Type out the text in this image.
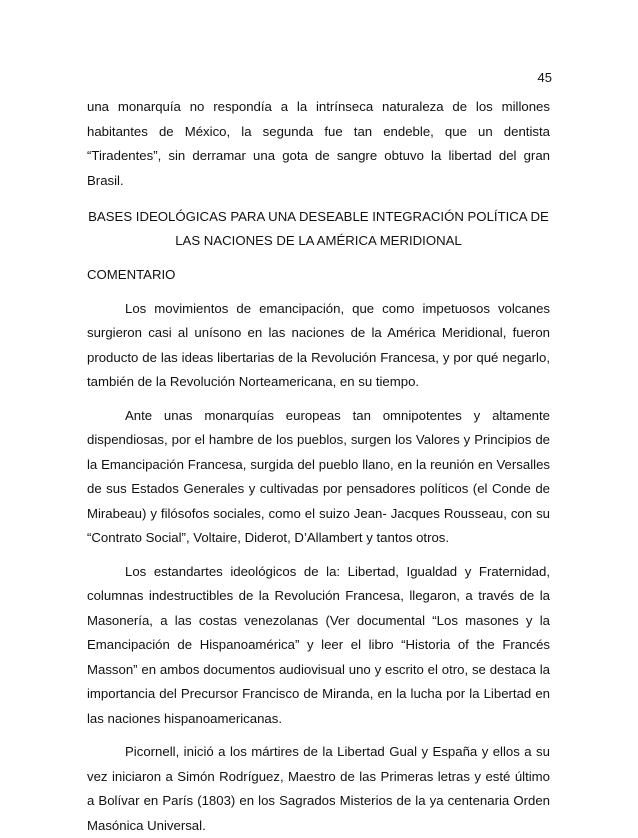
45

una monarquía no respondía a la intrínseca naturaleza de los millones habitantes de México, la segunda fue tan endeble, que un dentista “Tiradentes”, sin derramar una gota de sangre obtuvo la libertad del gran Brasil.

BASES IDEOLÓGICAS PARA UNA DESEABLE INTEGRACIÓN POLÍTICA DE
LAS NACIONES DE LA AMÉRICA MERIDIONAL

COMENTARIO

Los movimientos de emancipación, que como impetuosos volcanes surgieron casi al unísono en las naciones de la América Meridional, fueron producto de las ideas libertarias de la Revolución Francesa, y por qué negarlo, también de la Revolución Norteamericana, en su tiempo.

Ante unas monarquías europeas tan omnipotentes y altamente dispendiosas, por el hambre de los pueblos, surgen los Valores y Principios de la Emancipación Francesa, surgida del pueblo llano, en la reunión en Versalles de sus Estados Generales y cultivadas por pensadores políticos (el Conde de Mirabeau) y filósofos sociales, como el suizo Jean- Jacques Rousseau, con su “Contrato Social”, Voltaire, Diderot, D’Allambert y tantos otros.

Los estandartes ideológicos de la: Libertad, Igualdad y Fraternidad, columnas indestructibles de la Revolución Francesa, llegaron, a través de la Masonería, a las costas venezolanas (Ver documental “Los masones y la Emancipación de Hispanoamérica” y leer el libro “Historia of the Francés Masson” en ambos documentos audiovisual uno y escrito el otro, se destaca la importancia del Precursor Francisco de Miranda, en la lucha por la Libertad en las naciones hispanoamericanas.

Picornell, inició a los mártires de la Libertad Gual y España y ellos a su vez iniciaron a Simón Rodríguez, Maestro de las Primeras letras y esté último a Bolívar en París (1803) en los Sagrados Misterios de la ya centenaria Orden Masónica Universal.
